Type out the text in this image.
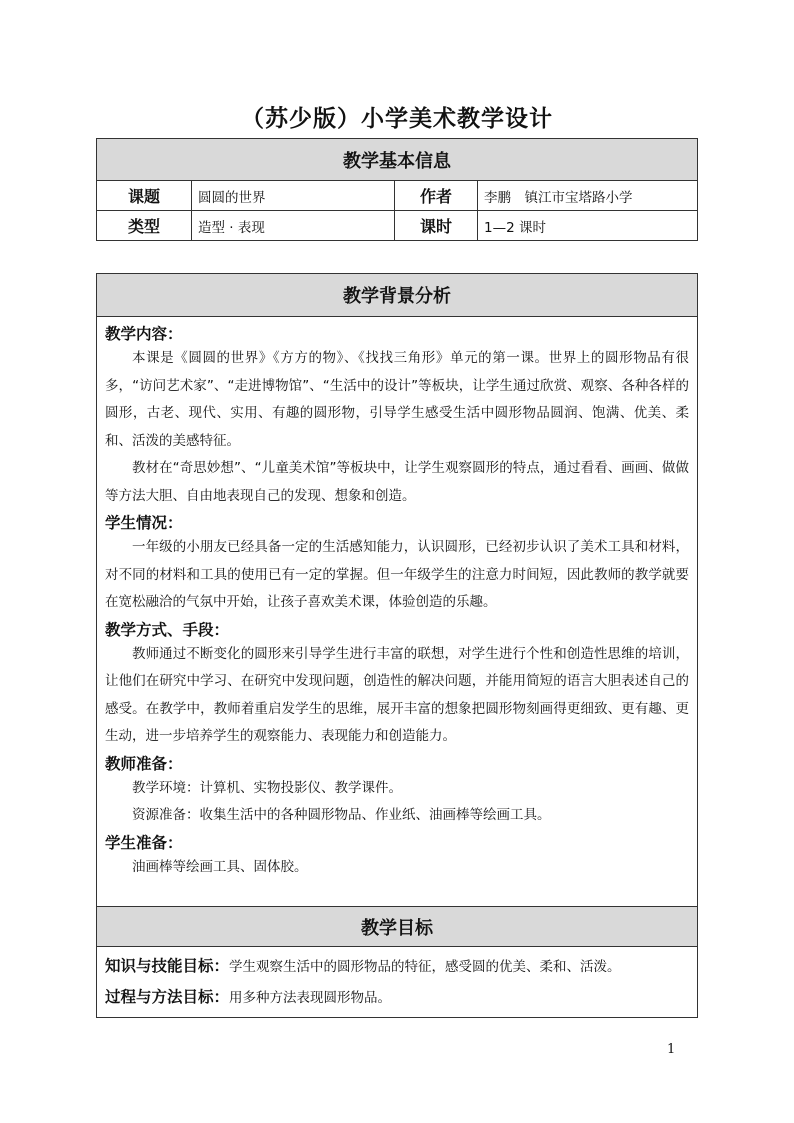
（苏少版）小学美术教学设计
教学基本信息			
课题	圆圆的世界	作者	李鹏　镇江市宝塔路小学
类型	造型 · 表现	课时	1—2 课时
教学背景分析

教学内容：

本课是《圆圆的世界》《方方的物》、《找找三角形》单元的第一课。世界上的圆形物品有很多，“访问艺术家”、“走进博物馆”、“生活中的设计”等板块，让学生通过欣赏、观察、各种各样的圆形，古老、现代、实用、有趣的圆形物，引导学生感受生活中圆形物品圆润、饱满、优美、柔和、活泼的美感特征。

教材在“奇思妙想”、“儿童美术馆”等板块中，让学生观察圆形的特点，通过看看、画画、做做等方法大胆、自由地表现自己的发现、想象和创造。

学生情况：

一年级的小朋友已经具备一定的生活感知能力，认识圆形，已经初步认识了美术工具和材料，对不同的材料和工具的使用已有一定的掌握。但一年级学生的注意力时间短，因此教师的教学就要在宽松融洽的气氛中开始，让孩子喜欢美术课，体验创造的乐趣。

教学方式、手段：

教师通过不断变化的圆形来引导学生进行丰富的联想，对学生进行个性和创造性思维的培训，让他们在研究中学习、在研究中发现问题，创造性的解决问题，并能用简短的语言大胆表述自己的感受。在教学中，教师着重启发学生的思维，展开丰富的想象把圆形物刻画得更细致、更有趣、更生动，进一步培养学生的观察能力、表现能力和创造能力。

教师准备：

教学环境：计算机、实物投影仪、教学课件。

资源准备：收集生活中的各种圆形物品、作业纸、油画棒等绘画工具。

学生准备：

油画棒等绘画工具、固体胶。

教学目标

知识与技能目标：学生观察生活中的圆形物品的特征，感受圆的优美、柔和、活泼。
过程与方法目标：用多种方法表现圆形物品。
1
